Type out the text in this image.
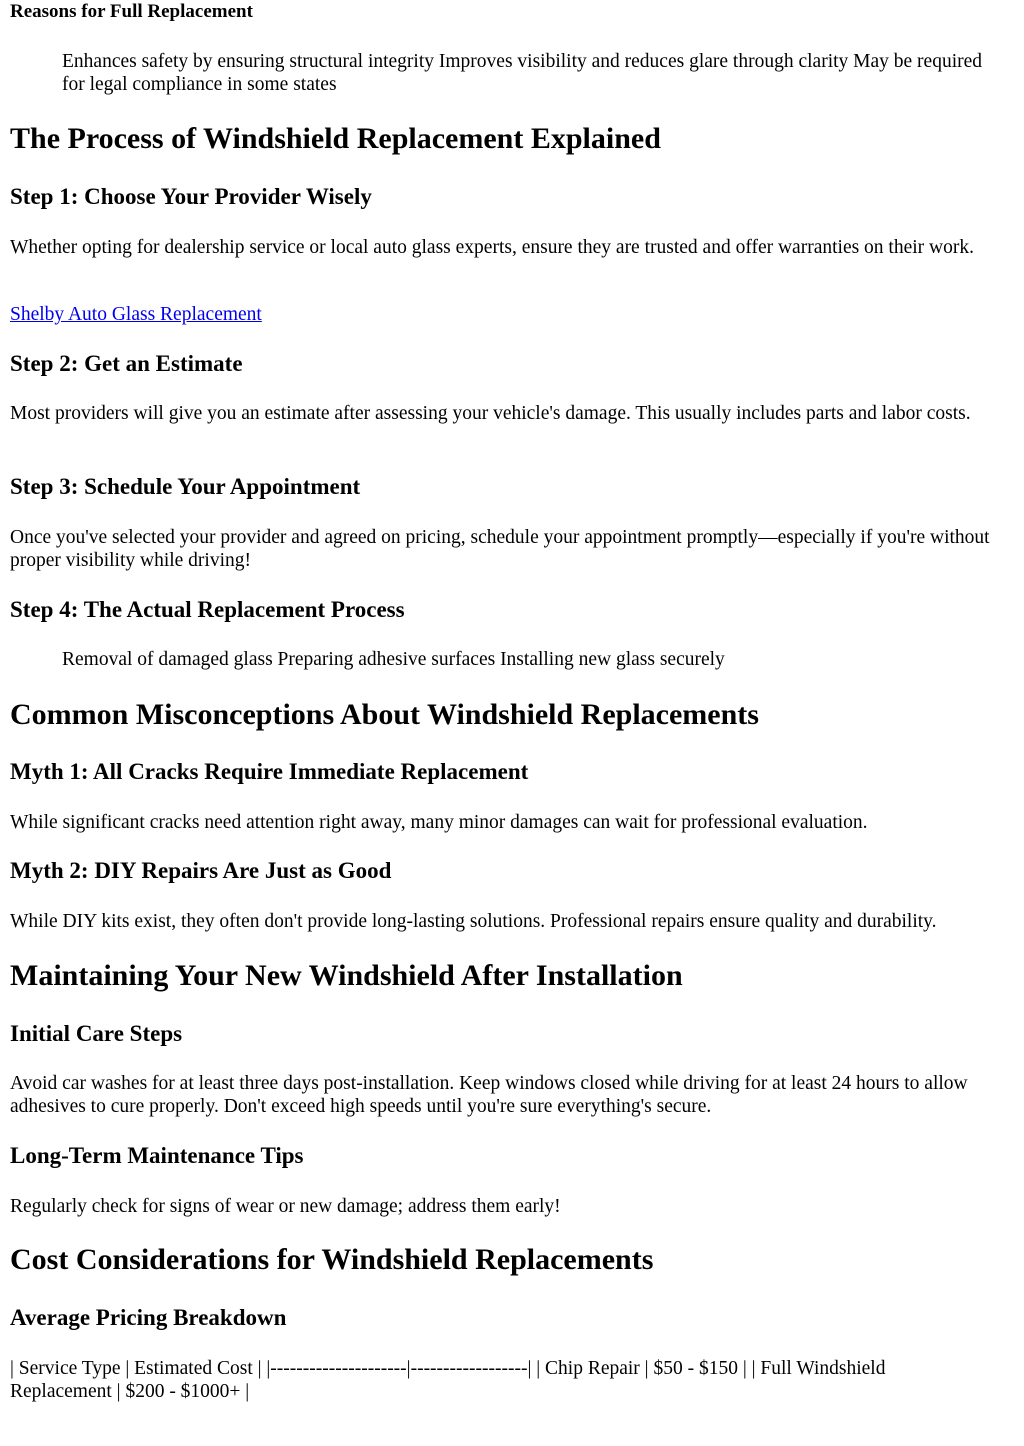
Reasons for Full Replacement
Enhances safety by ensuring structural integrity Improves visibility and reduces glare through clarity May be required for legal compliance in some states
The Process of Windshield Replacement Explained
Step 1: Choose Your Provider Wisely

Whether opting for dealership service or local auto glass experts, ensure they are trusted and offer warranties on their work.

Shelby Auto Glass Replacement
Step 2: Get an Estimate

Most providers will give you an estimate after assessing your vehicle's damage. This usually includes parts and labor costs.

Step 3: Schedule Your Appointment

Once you've selected your provider and agreed on pricing, schedule your appointment promptly—especially if you're without proper visibility while driving!

Step 4: The Actual Replacement Process
Removal of damaged glass Preparing adhesive surfaces Installing new glass securely
Common Misconceptions About Windshield Replacements
Myth 1: All Cracks Require Immediate Replacement

While significant cracks need attention right away, many minor damages can wait for professional evaluation.

Myth 2: DIY Repairs Are Just as Good

While DIY kits exist, they often don't provide long-lasting solutions. Professional repairs ensure quality and durability.

Maintaining Your New Windshield After Installation
Initial Care Steps

Avoid car washes for at least three days post-installation. Keep windows closed while driving for at least 24 hours to allow adhesives to cure properly. Don't exceed high speeds until you're sure everything's secure.

Long-Term Maintenance Tips

Regularly check for signs of wear or new damage; address them early!

Cost Considerations for Windshield Replacements
Average Pricing Breakdown

| Service Type | Estimated Cost | |---------------------|------------------| | Chip Repair | $50 - $150 | | Full Windshield Replacement | $200 - $1000+ |
